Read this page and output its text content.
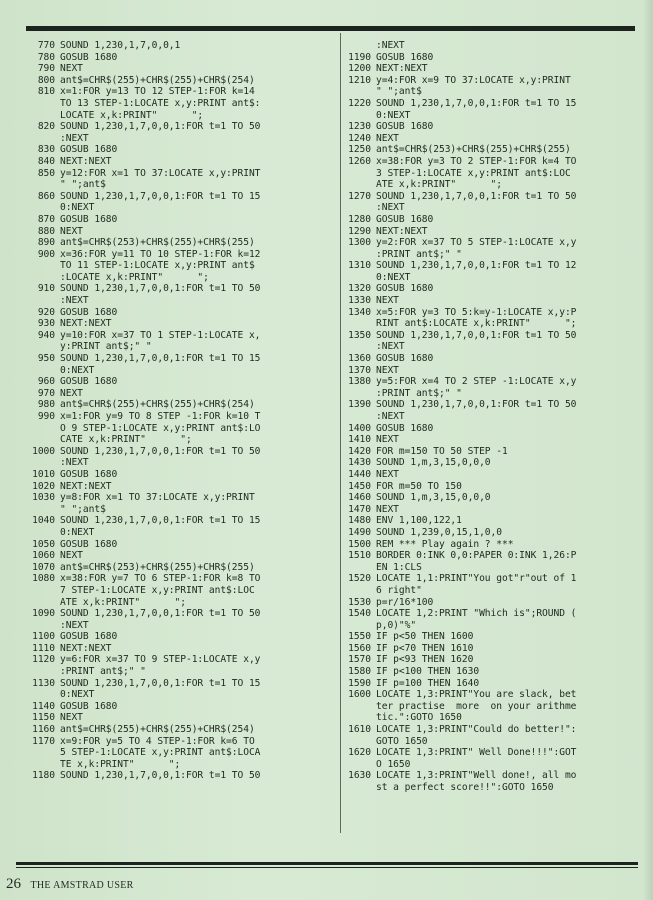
770 SOUND 1,230,1,7,0,0,1
780 GOSUB 1680
790 NEXT
800 ant$=CHR$(255)+CHR$(255)+CHR$(254)
810 x=1:FOR y=13 TO 12 STEP-1:FOR k=14
TO 13 STEP-1:LOCATE x,y:PRINT ant$:
LOCATE x,k:PRINT"      ";
820 SOUND 1,230,1,7,0,0,1:FOR t=1 TO 50
:NEXT
830 GOSUB 1680
840 NEXT:NEXT
850 y=12:FOR x=1 TO 37:LOCATE x,y:PRINT
" ";ant$
860 SOUND 1,230,1,7,0,0,1:FOR t=1 TO 15
0:NEXT
870 GOSUB 1680
880 NEXT
890 ant$=CHR$(253)+CHR$(255)+CHR$(255)
900 x=36:FOR y=11 TO 10 STEP-1:FOR k=12
TO 11 STEP-1:LOCATE x,y:PRINT ant$
:LOCATE x,k:PRINT"      ";
910 SOUND 1,230,1,7,0,0,1:FOR t=1 TO 50
:NEXT
920 GOSUB 1680
930 NEXT:NEXT
940 y=10:FOR x=37 TO 1 STEP-1:LOCATE x,
y:PRINT ant$;" "
950 SOUND 1,230,1,7,0,0,1:FOR t=1 TO 15
0:NEXT
960 GOSUB 1680
970 NEXT
980 ant$=CHR$(255)+CHR$(255)+CHR$(254)
990 x=1:FOR y=9 TO 8 STEP -1:FOR k=10 T
O 9 STEP-1:LOCATE x,y:PRINT ant$:LO
CATE x,k:PRINT"      ";
1000 SOUND 1,230,1,7,0,0,1:FOR t=1 TO 50
:NEXT
1010 GOSUB 1680
1020 NEXT:NEXT
1030 y=8:FOR x=1 TO 37:LOCATE x,y:PRINT
" ";ant$
1040 SOUND 1,230,1,7,0,0,1:FOR t=1 TO 15
0:NEXT
1050 GOSUB 1680
1060 NEXT
1070 ant$=CHR$(253)+CHR$(255)+CHR$(255)
1080 x=38:FOR y=7 TO 6 STEP-1:FOR k=8 TO
7 STEP-1:LOCATE x,y:PRINT ant$:LOC
ATE x,k:PRINT"      ";
1090 SOUND 1,230,1,7,0,0,1:FOR t=1 TO 50
:NEXT
1100 GOSUB 1680
1110 NEXT:NEXT
1120 y=6:FOR x=37 TO 9 STEP-1:LOCATE x,y
:PRINT ant$;" "
1130 SOUND 1,230,1,7,0,0,1:FOR t=1 TO 15
0:NEXT
1140 GOSUB 1680
1150 NEXT
1160 ant$=CHR$(255)+CHR$(255)+CHR$(254)
1170 x=9:FOR y=5 TO 4 STEP-1:FOR k=6 TO
5 STEP-1:LOCATE x,y:PRINT ant$:LOCA
TE x,k:PRINT"      ";
1180 SOUND 1,230,1,7,0,0,1:FOR t=1 TO 50
:NEXT
1190 GOSUB 1680
1200 NEXT:NEXT
1210 y=4:FOR x=9 TO 37:LOCATE x,y:PRINT
" ";ant$
1220 SOUND 1,230,1,7,0,0,1:FOR t=1 TO 15
0:NEXT
1230 GOSUB 1680
1240 NEXT
1250 ant$=CHR$(253)+CHR$(255)+CHR$(255)
1260 x=38:FOR y=3 TO 2 STEP-1:FOR k=4 TO
3 STEP-1:LOCATE x,y:PRINT ant$:LOC
ATE x,k:PRINT"      ";
1270 SOUND 1,230,1,7,0,0,1:FOR t=1 TO 50
:NEXT
1280 GOSUB 1680
1290 NEXT:NEXT
1300 y=2:FOR x=37 TO 5 STEP-1:LOCATE x,y
:PRINT ant$;" "
1310 SOUND 1,230,1,7,0,0,1:FOR t=1 TO 12
0:NEXT
1320 GOSUB 1680
1330 NEXT
1340 x=5:FOR y=3 TO 5:k=y-1:LOCATE x,y:P
RINT ant$:LOCATE x,k:PRINT"      ";
1350 SOUND 1,230,1,7,0,0,1:FOR t=1 TO 50
:NEXT
1360 GOSUB 1680
1370 NEXT
1380 y=5:FOR x=4 TO 2 STEP -1:LOCATE x,y
:PRINT ant$;" "
1390 SOUND 1,230,1,7,0,0,1:FOR t=1 TO 50
:NEXT
1400 GOSUB 1680
1410 NEXT
1420 FOR m=150 TO 50 STEP -1
1430 SOUND 1,m,3,15,0,0,0
1440 NEXT
1450 FOR m=50 TO 150
1460 SOUND 1,m,3,15,0,0,0
1470 NEXT
1480 ENV 1,100,122,1
1490 SOUND 1,239,0,15,1,0,0
1500 REM *** Play again ? ***
1510 BORDER 0:INK 0,0:PAPER 0:INK 1,26:P
EN 1:CLS
1520 LOCATE 1,1:PRINT"You got"r"out of 1
6 right"
1530 p=r/16*100
1540 LOCATE 1,2:PRINT "Which is";ROUND (
p,0)"%"
1550 IF p<50 THEN 1600
1560 IF p<70 THEN 1610
1570 IF p<93 THEN 1620
1580 IF p<100 THEN 1630
1590 IF p=100 THEN 1640
1600 LOCATE 1,3:PRINT"You are slack, bet
ter practise  more  on your arithme
tic.":GOTO 1650
1610 LOCATE 1,3:PRINT"Could do better!":
GOTO 1650
1620 LOCATE 1,3:PRINT" Well Done!!!":GOT
O 1650
1630 LOCATE 1,3:PRINT"Well done!, all mo
st a perfect score!!":GOTO 1650
26 THE AMSTRAD USER
